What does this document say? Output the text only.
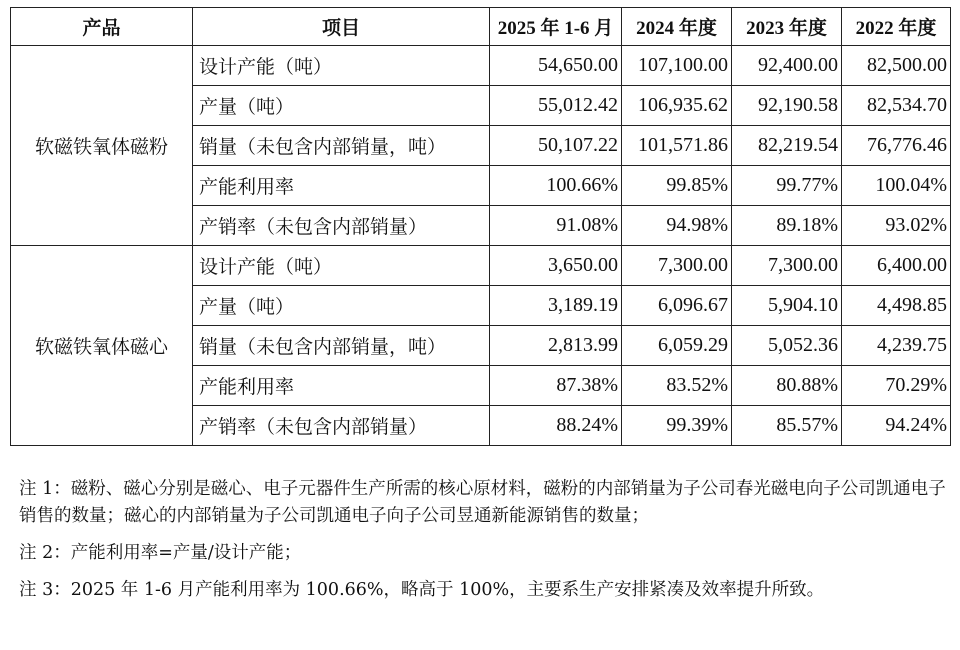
产品	项目	2025 年 1-6 月	2024 年度	2023 年度	2022 年度
软磁铁氧体磁粉	设计产能（吨）	54,650.00	107,100.00	92,400.00	82,500.00
	产量（吨）	55,012.42	106,935.62	92,190.58	82,534.70
	销量（未包含内部销量，吨）	50,107.22	101,571.86	82,219.54	76,776.46
	产能利用率	100.66%	99.85%	99.77%	100.04%
	产销率（未包含内部销量）	91.08%	94.98%	89.18%	93.02%
软磁铁氧体磁心	设计产能（吨）	3,650.00	7,300.00	7,300.00	6,400.00
	产量（吨）	3,189.19	6,096.67	5,904.10	4,498.85
	销量（未包含内部销量，吨）	2,813.99	6,059.29	5,052.36	4,239.75
	产能利用率	87.38%	83.52%	80.88%	70.29%
	产销率（未包含内部销量）	88.24%	99.39%	85.57%	94.24%

注 1：磁粉、磁心分别是磁心、电子元器件生产所需的核心原材料，磁粉的内部销量为子公司春光磁电向子公司凯通电子销售的数量；磁心的内部销量为子公司凯通电子向子公司昱通新能源销售的数量；

注 2：产能利用率=产量/设计产能；

注 3：2025 年 1-6 月产能利用率为 100.66%，略高于 100%，主要系生产安排紧凑及效率提升所致。
